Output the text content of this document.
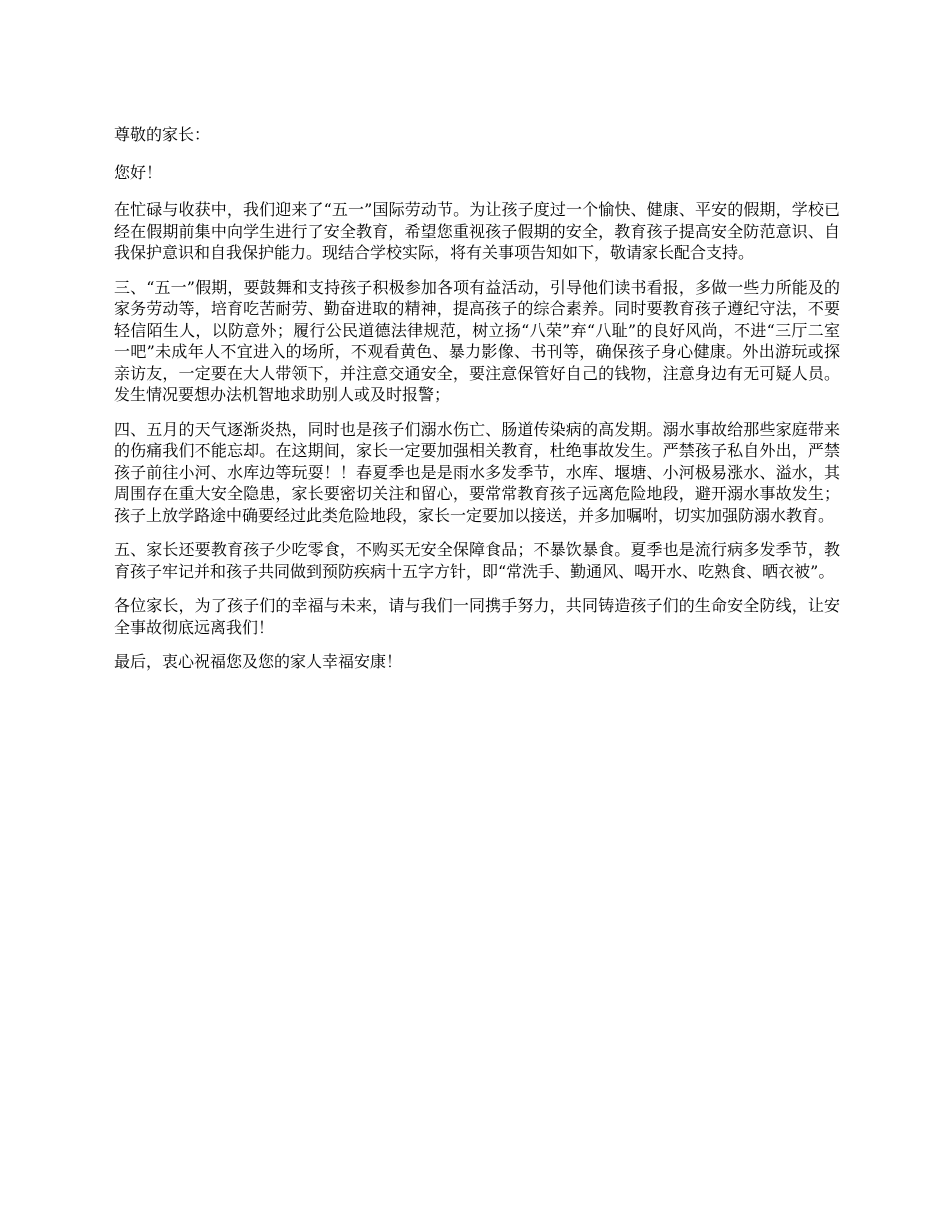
尊敬的家长：

您好！

在忙碌与收获中，我们迎来了“五一”国际劳动节。为让孩子度过一个愉快、健康、平安的假期，学校已经在假期前集中向学生进行了安全教育，希望您重视孩子假期的安全，教育孩子提高安全防范意识、自我保护意识和自我保护能力。现结合学校实际，将有关事项告知如下，敬请家长配合支持。

三、“五一”假期，要鼓舞和支持孩子积极参加各项有益活动，引导他们读书看报，多做一些力所能及的家务劳动等，培育吃苦耐劳、勤奋进取的精神，提高孩子的综合素养。同时要教育孩子遵纪守法，不要轻信陌生人，以防意外；履行公民道德法律规范，树立扬“八荣”弃“八耻”的良好风尚，不进“三厅二室一吧”未成年人不宜进入的场所，不观看黄色、暴力影像、书刊等，确保孩子身心健康。外出游玩或探亲访友，一定要在大人带领下，并注意交通安全，要注意保管好自己的钱物，注意身边有无可疑人员。发生情况要想办法机智地求助别人或及时报警；

四、五月的天气逐渐炎热，同时也是孩子们溺水伤亡、肠道传染病的高发期。溺水事故给那些家庭带来的伤痛我们不能忘却。在这期间，家长一定要加强相关教育，杜绝事故发生。严禁孩子私自外出，严禁孩子前往小河、水库边等玩耍！！春夏季也是是雨水多发季节，水库、堰塘、小河极易涨水、溢水，其周围存在重大安全隐患，家长要密切关注和留心，要常常教育孩子远离危险地段，避开溺水事故发生；孩子上放学路途中确要经过此类危险地段，家长一定要加以接送，并多加嘱咐，切实加强防溺水教育。

五、家长还要教育孩子少吃零食，不购买无安全保障食品；不暴饮暴食。夏季也是流行病多发季节，教育孩子牢记并和孩子共同做到预防疾病十五字方针，即“常洗手、勤通风、喝开水、吃熟食、晒衣被”。

各位家长，为了孩子们的幸福与未来，请与我们一同携手努力，共同铸造孩子们的生命安全防线，让安全事故彻底远离我们！

最后，衷心祝福您及您的家人幸福安康！
